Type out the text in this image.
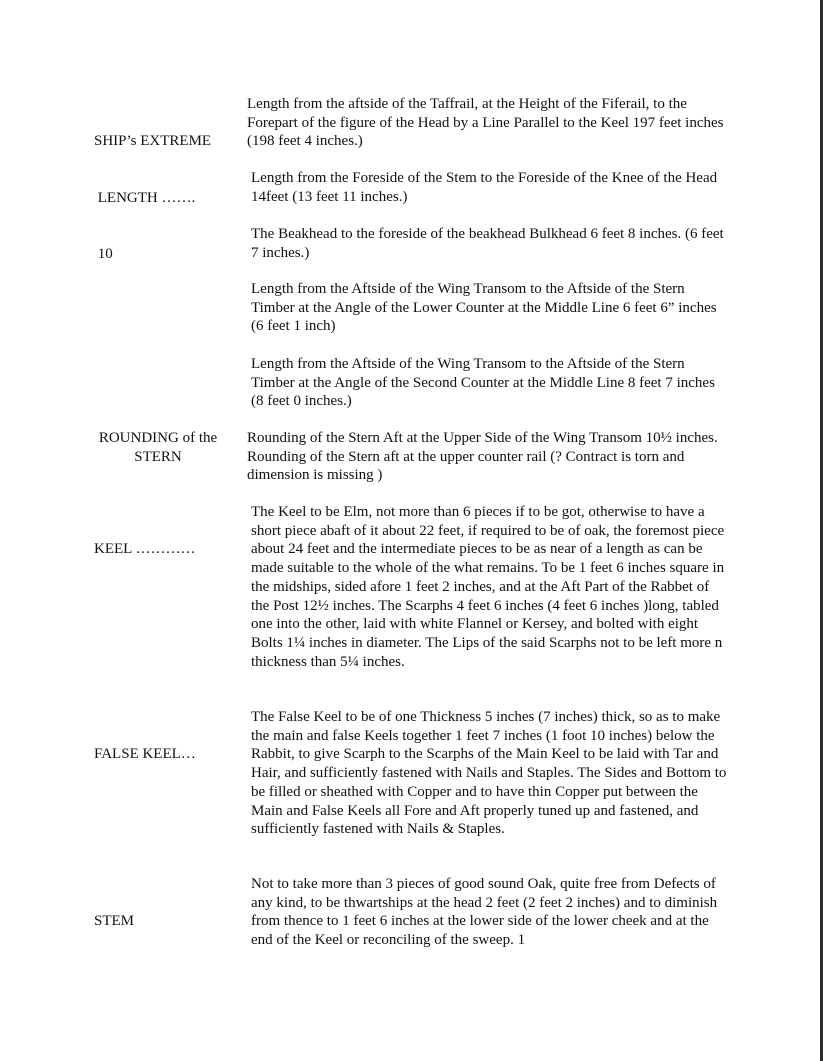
SHIP’s EXTREME

LENGTH …….

10

Length from the aftside of the Taffrail, at the Height of the Fiferail, to the Forepart of the figure of the Head by a Line Parallel to the Keel 197 feet inches (198 feet 4 inches.)
Length from the Foreside of the Stem to the Foreside of the Knee of the Head 14feet (13 feet 11 inches.)
The Beakhead to the foreside of the beakhead Bulkhead 6 feet 8 inches. (6 feet 7 inches.)
Length from the Aftside of the Wing Transom to the Aftside of the Stern Timber at the Angle of the Lower Counter at the Middle Line 6 feet 6” inches (6 feet 1 inch)
Length from the Aftside of the Wing Transom to the Aftside of the Stern Timber at the Angle of the Second Counter at the Middle Line 8 feet 7 inches (8 feet 0 inches.)
ROUNDING of the
STERN
Rounding of the Stern Aft at the Upper Side of the Wing Transom 10½ inches. Rounding of the Stern aft at the upper counter rail (? Contract is torn and dimension is missing )

KEEL …………

The Keel to be Elm, not more than 6 pieces if to be got, otherwise to have a short piece abaft of it about 22 feet, if required to be of oak, the foremost piece about 24 feet and the intermediate pieces to be as near of a length as can be made suitable to the whole of the what remains. To be 1 feet 6 inches square in the midships, sided afore 1 feet 2 inches, and at the Aft Part of the Rabbet of the Post 12½ inches. The Scarphs 4 feet 6 inches (4 feet 6 inches )long, tabled one into the other, laid with white Flannel or Kersey, and bolted with eight Bolts 1¼ inches in diameter. The Lips of the said Scarphs not to be left more n thickness than 5¼ inches.

FALSE KEEL…

The False Keel to be of one Thickness 5 inches (7 inches) thick, so as to make the main and false Keels together 1 feet 7 inches (1 foot 10 inches) below the Rabbit, to give Scarph to the Scarphs of the Main Keel to be laid with Tar and Hair, and sufficiently fastened with Nails and Staples. The Sides and Bottom to be filled or sheathed with Copper and to have thin Copper put between the Main and False Keels all Fore and Aft properly tuned up and fastened, and sufficiently fastened with Nails & Staples.

STEM

Not to take more than 3 pieces of good sound Oak, quite free from Defects of any kind, to be thwartships at the head 2 feet (2 feet 2 inches) and to diminish from thence to 1 feet 6 inches at the lower side of the lower cheek and at the end of the Keel or reconciling of the sweep. 1
